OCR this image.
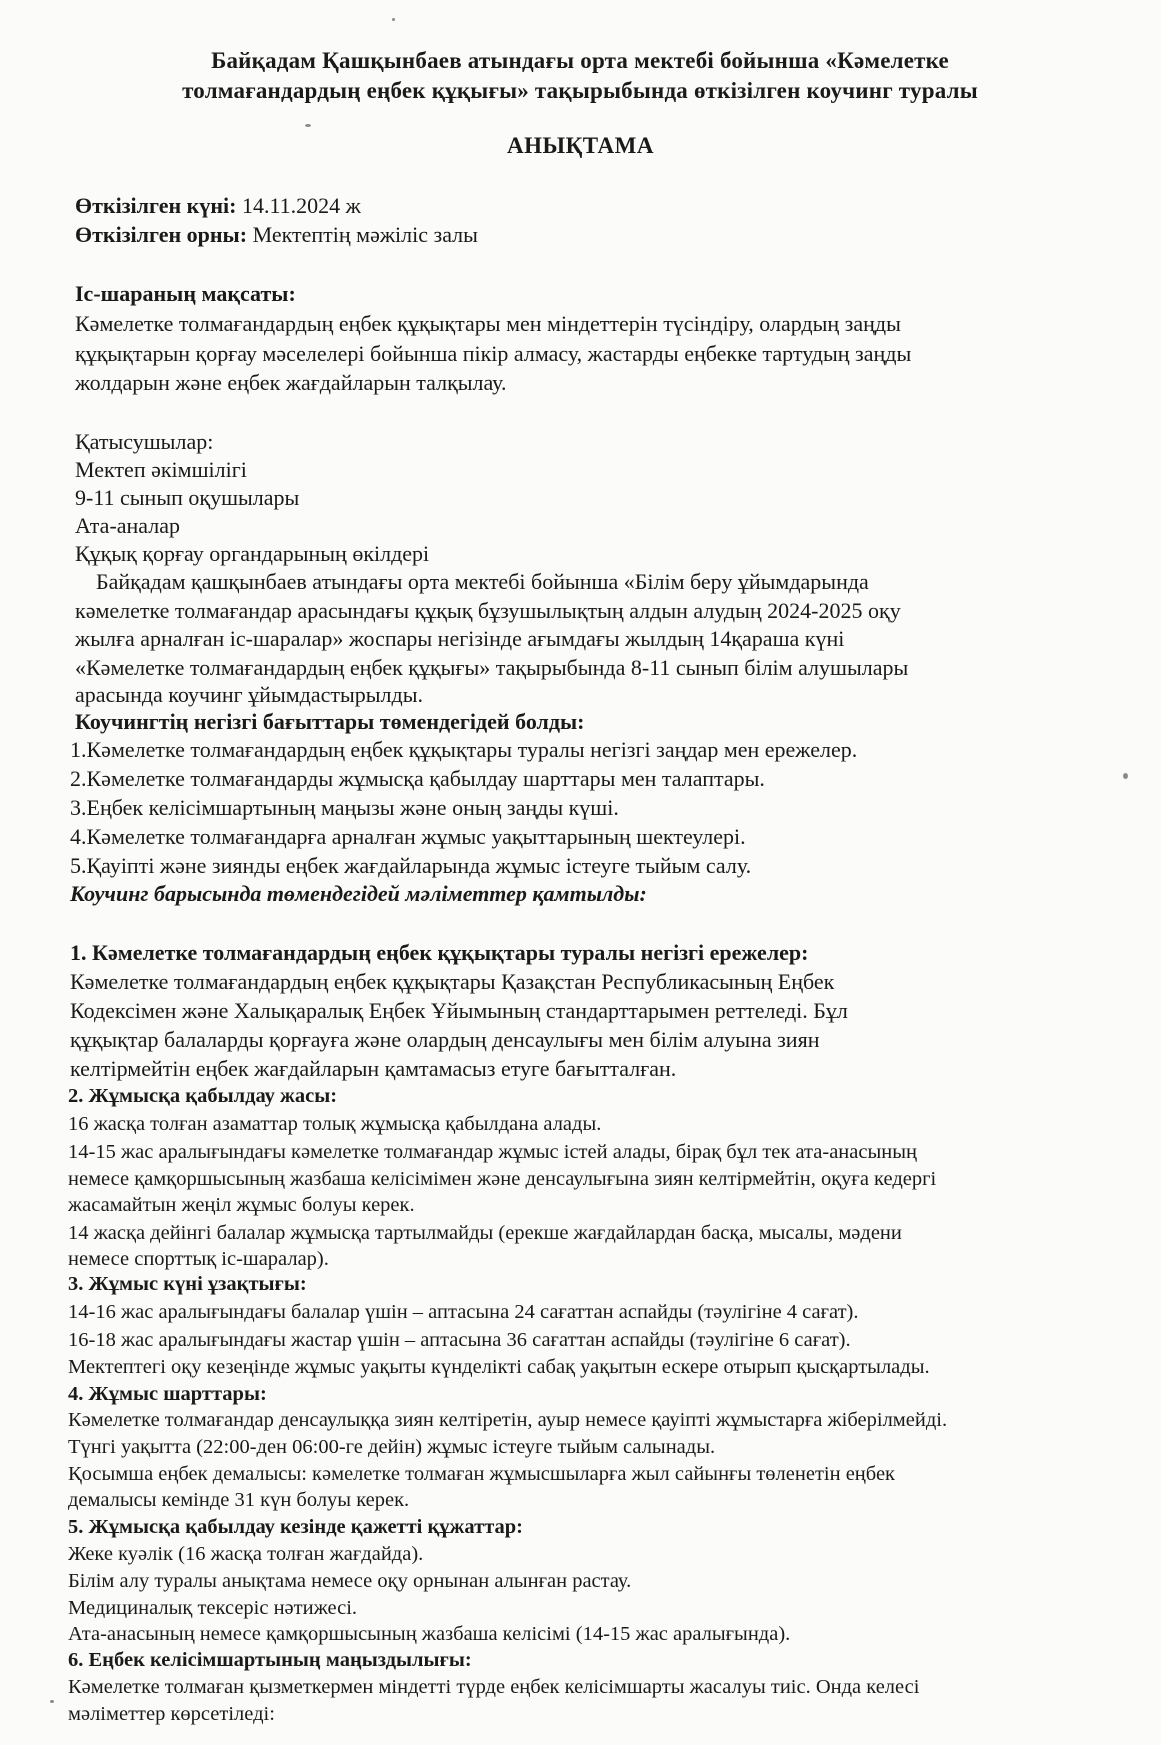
Байқадам Қашқынбаев атындағы орта мектебі бойынша «Кәмелетке
толмағандардың еңбек құқығы» тақырыбында өткізілген коучинг туралы
АНЫҚТАМА
Өткізілген күні: 14.11.2024 ж
Өткізілген орны: Мектептің мәжіліс залы
Іс-шараның мақсаты:
Кәмелетке толмағандардың еңбек құқықтары мен міндеттерін түсіндіру, олардың заңды
құқықтарын қорғау мәселелері бойынша пікір алмасу, жастарды еңбекке тартудың заңды
жолдарын және еңбек жағдайларын талқылау.
Қатысушылар:
Мектеп әкімшілігі
9-11 сынып оқушылары
Ата-аналар
Құқық қорғау органдарының өкілдері
Байқадам қашқынбаев атындағы орта мектебі бойынша «Білім беру ұйымдарында
кәмелетке толмағандар арасындағы құқық бұзушылықтың алдын алудың 2024-2025 оқу
жылға арналған іс-шаралар» жоспары негізінде ағымдағы жылдың 14қараша күні
«Кәмелетке толмағандардың еңбек құқығы» тақырыбында 8-11 сынып білім алушылары
арасында коучинг ұйымдастырылды.
Коучингтің негізгі бағыттары төмендегідей болды:
1.Кәмелетке толмағандардың еңбек құқықтары туралы негізгі заңдар мен ережелер.
2.Кәмелетке толмағандарды жұмысқа қабылдау шарттары мен талаптары.
3.Еңбек келісімшартының маңызы және оның заңды күші.
4.Кәмелетке толмағандарға арналған жұмыс уақыттарының шектеулері.
5.Қауіпті және зиянды еңбек жағдайларында жұмыс істеуге тыйым салу.
Коучинг барысында төмендегідей мәліметтер қамтылды:
1. Кәмелетке толмағандардың еңбек құқықтары туралы негізгі ережелер:
Кәмелетке толмағандардың еңбек құқықтары Қазақстан Республикасының Еңбек
Кодексімен және Халықаралық Еңбек Ұйымының стандарттарымен реттеледі. Бұл
құқықтар балаларды қорғауға және олардың денсаулығы мен білім алуына зиян
келтірмейтін еңбек жағдайларын қамтамасыз етуге бағытталған.
2. Жұмысқа қабылдау жасы:
16 жасқа толған азаматтар толық жұмысқа қабылдана алады.
14-15 жас аралығындағы кәмелетке толмағандар жұмыс істей алады, бірақ бұл тек ата-анасының
немесе қамқоршысының жазбаша келісімімен және денсаулығына зиян келтірмейтін, оқуға кедергі
жасамайтын жеңіл жұмыс болуы керек.
14 жасқа дейінгі балалар жұмысқа тартылмайды (ерекше жағдайлардан басқа, мысалы, мәдени
немесе спорттық іс-шаралар).
3. Жұмыс күні ұзақтығы:
14-16 жас аралығындағы балалар үшін – аптасына 24 сағаттан аспайды (тәулігіне 4 сағат).
16-18 жас аралығындағы жастар үшін – аптасына 36 сағаттан аспайды (тәулігіне 6 сағат).
Мектептегі оқу кезеңінде жұмыс уақыты күнделікті сабақ уақытын ескере отырып қысқартылады.
4. Жұмыс шарттары:
Кәмелетке толмағандар денсаулыққа зиян келтіретін, ауыр немесе қауіпті жұмыстарға жіберілмейді.
Түнгі уақытта (22:00-ден 06:00-ге дейін) жұмыс істеуге тыйым салынады.
Қосымша еңбек демалысы: кәмелетке толмаған жұмысшыларға жыл сайынғы төленетін еңбек
демалысы кемінде 31 күн болуы керек.
5. Жұмысқа қабылдау кезінде қажетті құжаттар:
Жеке куәлік (16 жасқа толған жағдайда).
Білім алу туралы анықтама немесе оқу орнынан алынған растау.
Медициналық тексеріс нәтижесі.
Ата-анасының немесе қамқоршысының жазбаша келісімі (14-15 жас аралығында).
6. Еңбек келісімшартының маңыздылығы:
Кәмелетке толмаған қызметкермен міндетті түрде еңбек келісімшарты жасалуы тиіс. Онда келесі
мәліметтер көрсетіледі:
